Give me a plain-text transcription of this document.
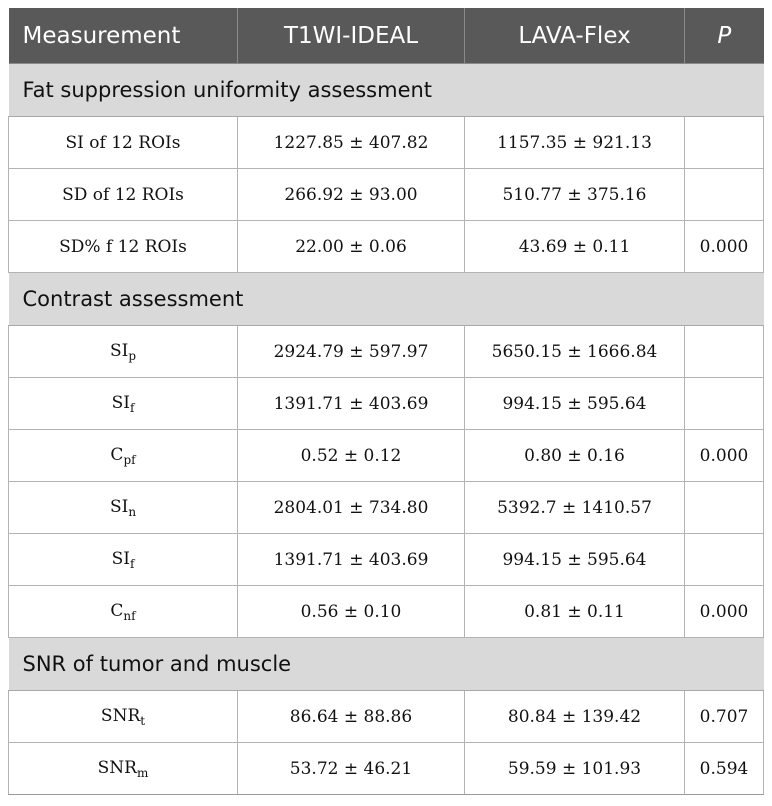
Measurement	T1WI-IDEAL	LAVA-Flex	P
Fat suppression uniformity assessment			
SI of 12 ROIs	1227.85 ± 407.82	1157.35 ± 921.13	
SD of 12 ROIs	266.92 ± 93.00	510.77 ± 375.16	
SD% f 12 ROIs	22.00 ± 0.06	43.69 ± 0.11	0.000
Contrast assessment			
$SI_p$	2924.79 ± 597.97	5650.15 ± 1666.84	
$SI_f$	1391.71 ± 403.69	994.15 ± 595.64	
$C_{pf}$	0.52 ± 0.12	0.80 ± 0.16	0.000
$SI_n$	2804.01 ± 734.80	5392.7 ± 1410.57	
$SI_f$	1391.71 ± 403.69	994.15 ± 595.64	
$C_{nf}$	0.56 ± 0.10	0.81 ± 0.11	0.000
SNR of tumor and muscle			
$SNR_t$	86.64 ± 88.86	80.84 ± 139.42	0.707
$SNR_m$	53.72 ± 46.21	59.59 ± 101.93	0.594
